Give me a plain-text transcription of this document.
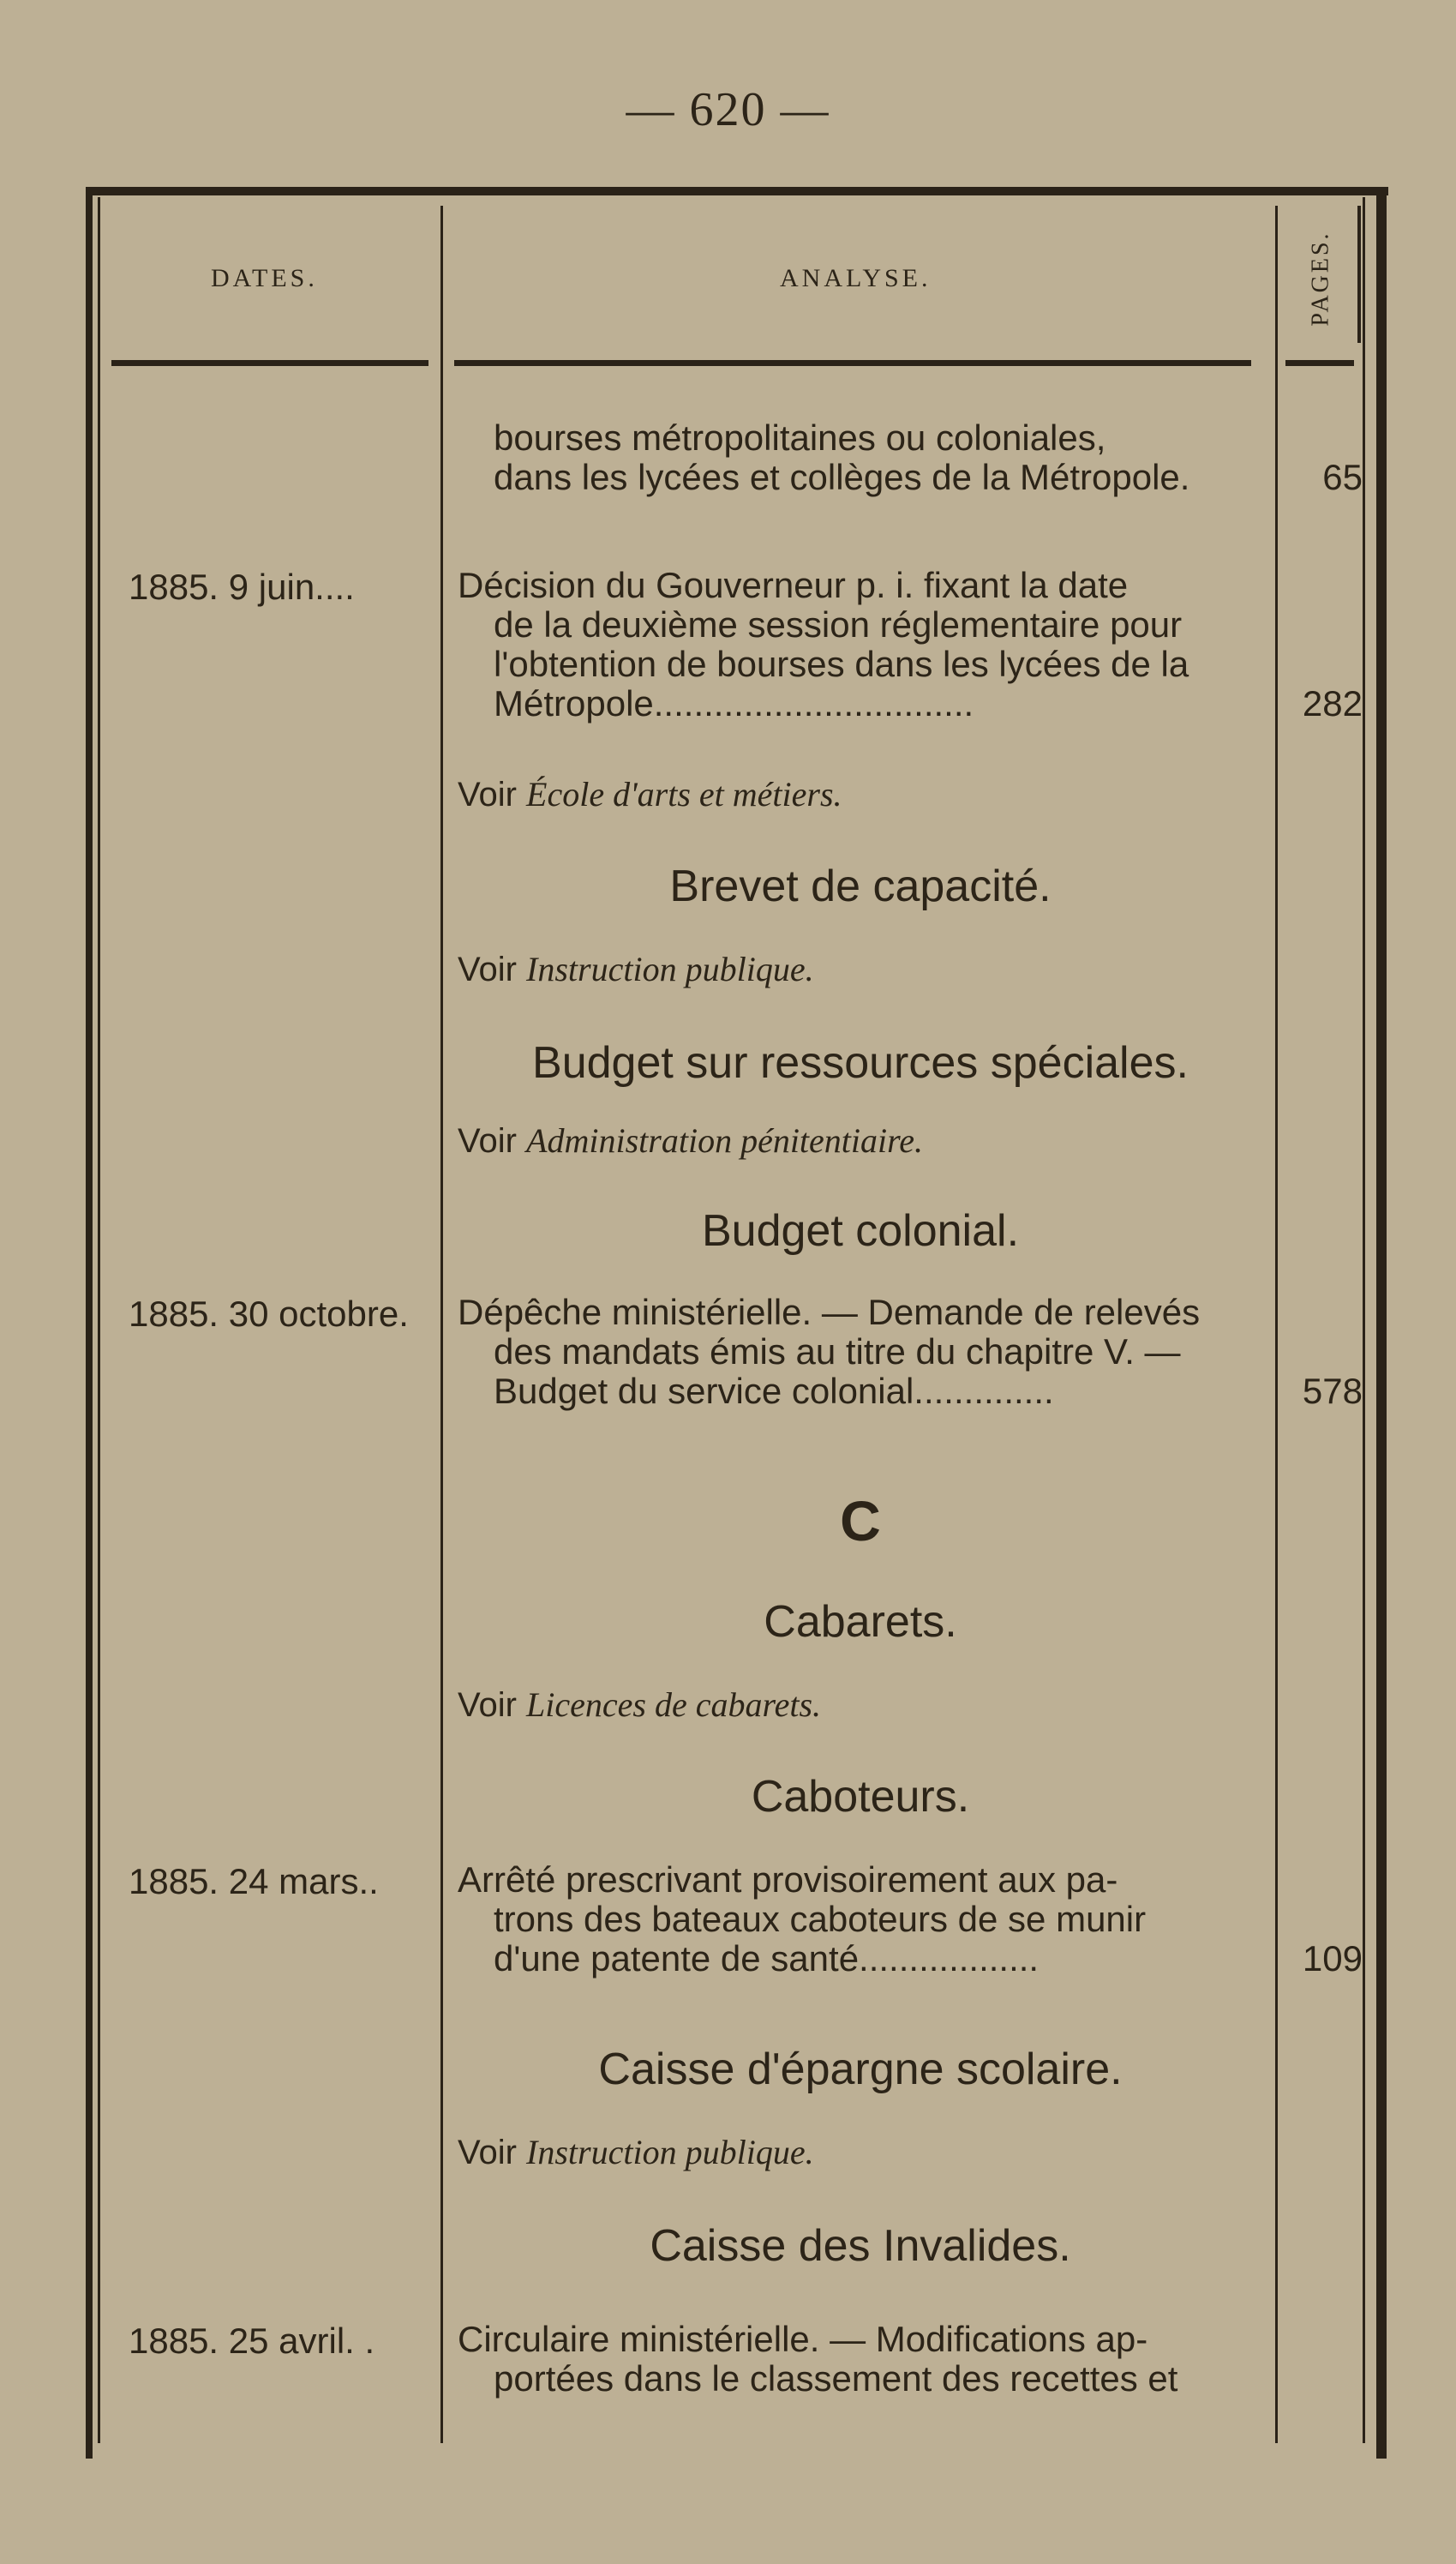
— 620 —
DATES.	ANALYSE.	PAGES.
bourses métropolitaines ou coloniales,
dans les lycées et collèges de la Métropole.	65
1885. 9 juin....	Décision du Gouverneur p. i. fixant la date
de la deuxième session réglementaire pour
l'obtention de bourses dans les lycées de la
Métropole................................	282
Voir École d'arts et métiers.
Brevet de capacité.
Voir Instruction publique.
Budget sur ressources spéciales.
Voir Administration pénitentiaire.
Budget colonial.
1885. 30 octobre.	Dépêche ministérielle. — Demande de relevés
des mandats émis au titre du chapitre V. —
Budget du service colonial..............	578
C
Cabarets.
Voir Licences de cabarets.
Caboteurs.
1885. 24 mars..	Arrêté prescrivant provisoirement aux pa-
trons des bateaux caboteurs de se munir
d'une patente de santé..................	109
Caisse d'épargne scolaire.
Voir Instruction publique.
Caisse des Invalides.
1885. 25 avril. .	Circulaire ministérielle. — Modifications ap-
portées dans le classement des recettes et
